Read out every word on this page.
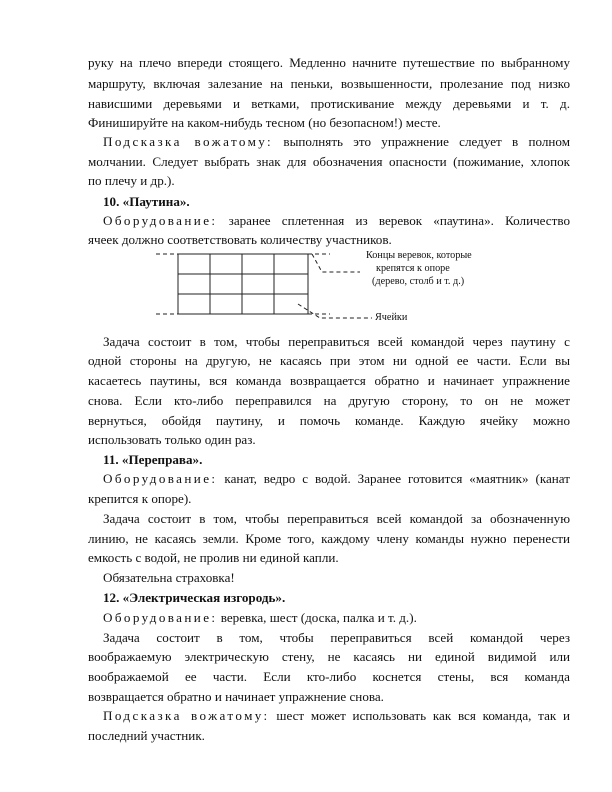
руку на плечо впереди стоящего. Медленно начните путешествие по выбранному
маршруту, включая залезание на пеньки, возвышенности, пролезание под низко
нависшими деревьями и ветками, протискивание между деревьями и т. д.
Финишируйте на каком-нибудь тесном (но безопасном!) месте.
Подсказка вожатому: выполнять это упражнение следует в полном
молчании. Следует выбрать знак для обозначения опасности (пожимание, хлопок
по плечу и др.).
10. «Паутина».
Оборудование: заранее сплетенная из веревок «паутина». Количество
ячеек должно соответствовать количеству участников.
Концы веревок, которые
крепятся к опоре
(дерево, столб и т. д.)
Ячейки
Задача состоит в том, чтобы переправиться всей командой через паутину с
одной стороны на другую, не касаясь при этом ни одной ее части. Если вы
касаетесь паутины, вся команда возвращается обратно и начинает упражнение
снова. Если кто-либо переправился на другую сторону, то он не может
вернуться, обойдя паутину, и помочь команде. Каждую ячейку можно
использовать только один раз.
11. «Переправа».
Оборудование: канат, ведро с водой. Заранее готовится «маятник» (канат
крепится к опоре).
Задача состоит в том, чтобы переправиться всей командой за обозначенную
линию, не касаясь земли. Кроме того, каждому члену команды нужно перенести
емкость с водой, не пролив ни единой капли.
Обязательна страховка!
12. «Электрическая изгородь».
Оборудование: веревка, шест (доска, палка и т. д.).
Задача состоит в том, чтобы переправиться всей командой через
воображаемую электрическую стену, не касаясь ни единой видимой или
воображаемой ее части. Если кто-либо коснется стены, вся команда
возвращается обратно и начинает упражнение снова.
Подсказка вожатому: шест может использовать как вся команда, так и
последний участник.
